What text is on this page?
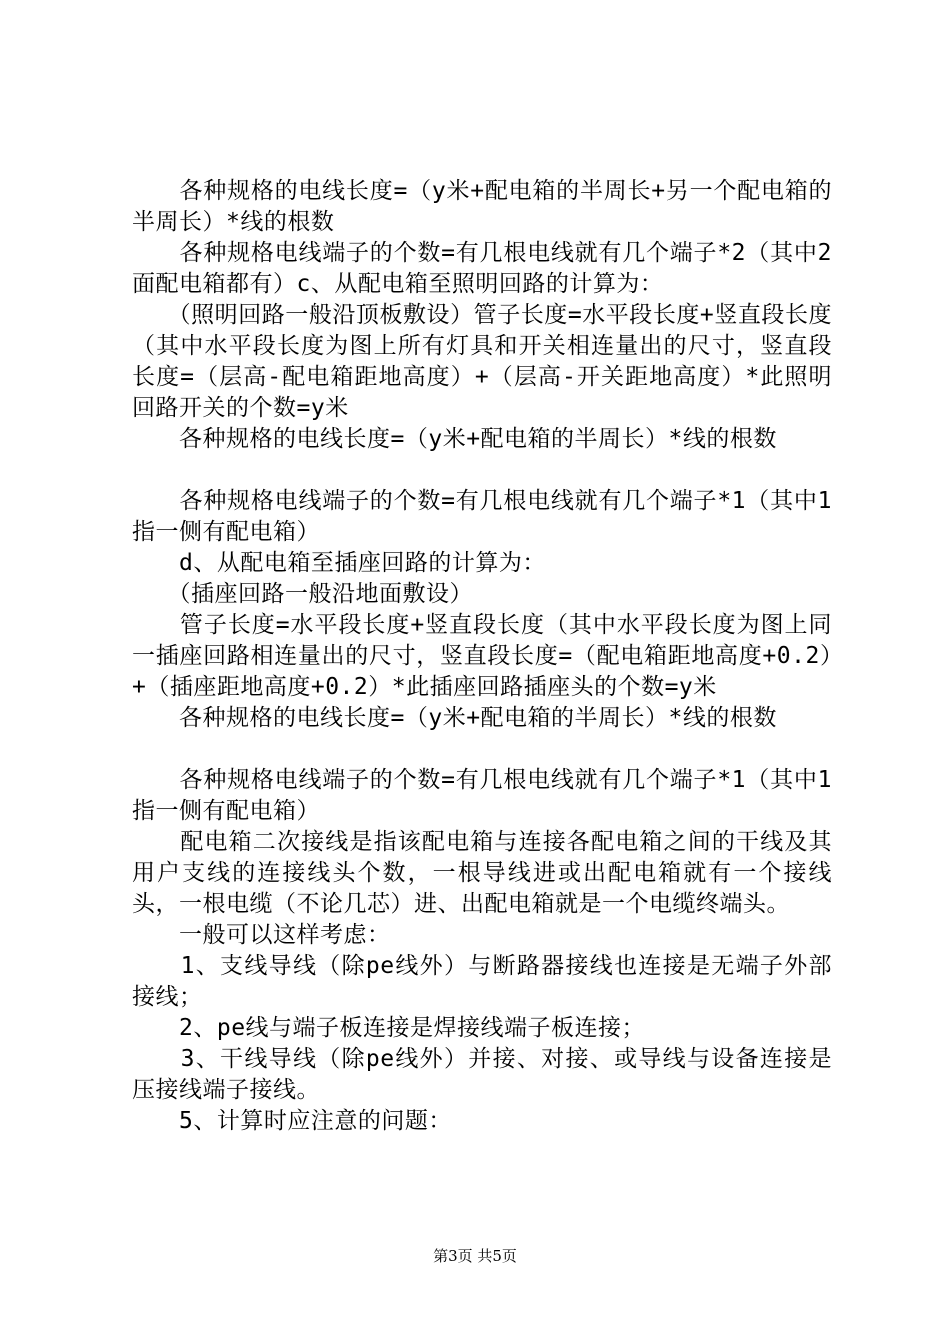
　　各种规格的电线长度=（y米+配电箱的半周长+另一个配电箱的半周长）*线的根数

　　各种规格电线端子的个数=有几根电线就有几个端子*2（其中2面配电箱都有）c、从配电箱至照明回路的计算为：

　　（照明回路一般沿顶板敷设）管子长度=水平段长度+竖直段长度（其中水平段长度为图上所有灯具和开关相连量出的尺寸，竖直段长度=（层高-配电箱距地高度）+（层高-开关距地高度）*此照明回路开关的个数=y米

　　各种规格的电线长度=（y米+配电箱的半周长）*线的根数

　　各种规格电线端子的个数=有几根电线就有几个端子*1（其中1指一侧有配电箱）

　　d、从配电箱至插座回路的计算为：

　　（插座回路一般沿地面敷设）

　　管子长度=水平段长度+竖直段长度（其中水平段长度为图上同一插座回路相连量出的尺寸，竖直段长度=（配电箱距地高度+0.2）+（插座距地高度+0.2）*此插座回路插座头的个数=y米

　　各种规格的电线长度=（y米+配电箱的半周长）*线的根数

　　各种规格电线端子的个数=有几根电线就有几个端子*1（其中1指一侧有配电箱）

　　配电箱二次接线是指该配电箱与连接各配电箱之间的干线及其用户支线的连接线头个数，一根导线进或出配电箱就有一个接线头，一根电缆（不论几芯）进、出配电箱就是一个电缆终端头。

　　一般可以这样考虑：

　　1、支线导线（除pe线外）与断路器接线也连接是无端子外部接线；

　　2、pe线与端子板连接是焊接线端子板连接；

　　3、干线导线（除pe线外）并接、对接、或导线与设备连接是压接线端子接线。

　　5、计算时应注意的问题：

第3页 共5页
